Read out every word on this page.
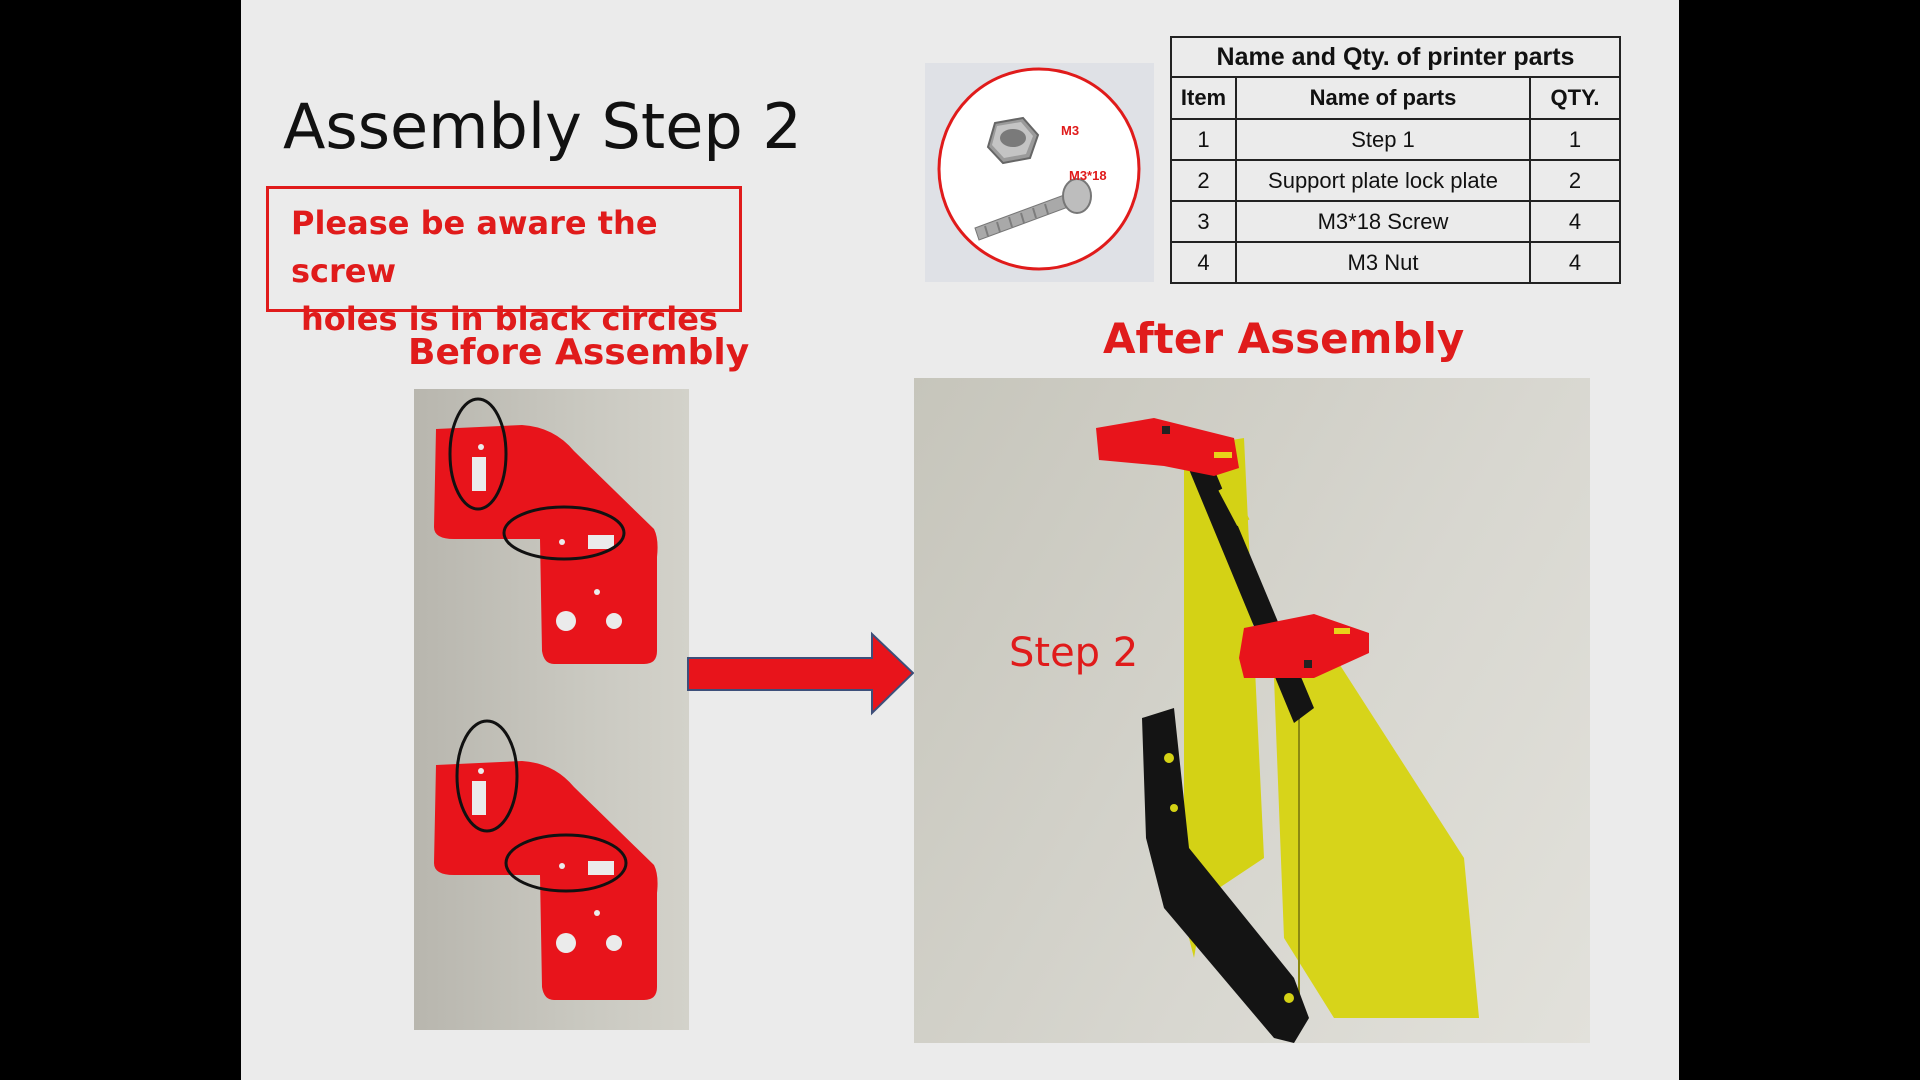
Assembly Step 2
Please be aware the screw
holes is in black circles
M3
M3*18
Name and Qty. of printer parts		
Item	Name of parts	QTY.
1	Step 1	1
2	Support plate lock plate	2
3	M3*18 Screw	4
4	M3 Nut	4
Before Assembly	After Assembly
Step 2
